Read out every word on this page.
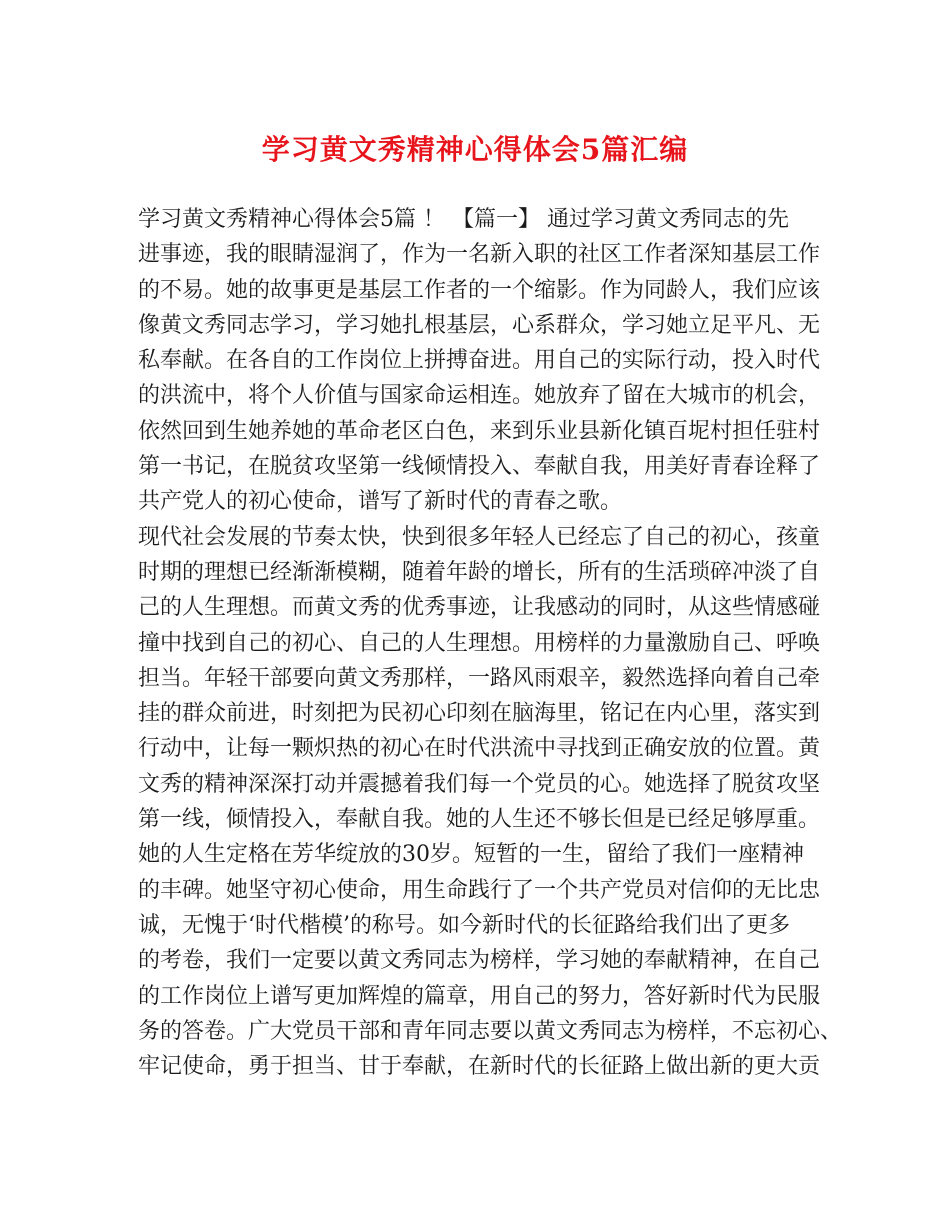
学习黄文秀精神心得体会5篇汇编
学习黄文秀精神心得体会5篇 ！ 【篇一】 通过学习黄文秀同志的先
进事迹，我的眼睛湿润了，作为一名新入职的社区工作者深知基层工作
的不易。她的故事更是基层工作者的一个缩影。作为同龄人，我们应该
像黄文秀同志学习，学习她扎根基层，心系群众，学习她立足平凡、无
私奉献。在各自的工作岗位上拼搏奋进。用自己的实际行动，投入时代
的洪流中，将个人价值与国家命运相连。她放弃了留在大城市的机会，
依然回到生她养她的革命老区白色，来到乐业县新化镇百坭村担任驻村
第一书记，在脱贫攻坚第一线倾情投入、奉献自我，用美好青春诠释了
共产党人的初心使命，谱写了新时代的青春之歌。
现代社会发展的节奏太快，快到很多年轻人已经忘了自己的初心，孩童
时期的理想已经渐渐模糊，随着年龄的增长，所有的生活琐碎冲淡了自
己的人生理想。而黄文秀的优秀事迹，让我感动的同时，从这些情感碰
撞中找到自己的初心、自己的人生理想。用榜样的力量激励自己、呼唤
担当。年轻干部要向黄文秀那样，一路风雨艰辛，毅然选择向着自己牵
挂的群众前进，时刻把为民初心印刻在脑海里，铭记在内心里，落实到
行动中，让每一颗炽热的初心在时代洪流中寻找到正确安放的位置。黄
文秀的精神深深打动并震撼着我们每一个党员的心。她选择了脱贫攻坚
第一线，倾情投入，奉献自我。她的人生还不够长但是已经足够厚重。
她的人生定格在芳华绽放的30岁。短暂的一生，留给了我们一座精神
的丰碑。她坚守初心使命，用生命践行了一个共产党员对信仰的无比忠
诚，无愧于‘时代楷模’的称号。如今新时代的长征路给我们出了更多
的考卷，我们一定要以黄文秀同志为榜样，学习她的奉献精神，在自己
的工作岗位上谱写更加辉煌的篇章，用自己的努力，答好新时代为民服
务的答卷。广大党员干部和青年同志要以黄文秀同志为榜样，不忘初心、
牢记使命，勇于担当、甘于奉献，在新时代的长征路上做出新的更大贡
